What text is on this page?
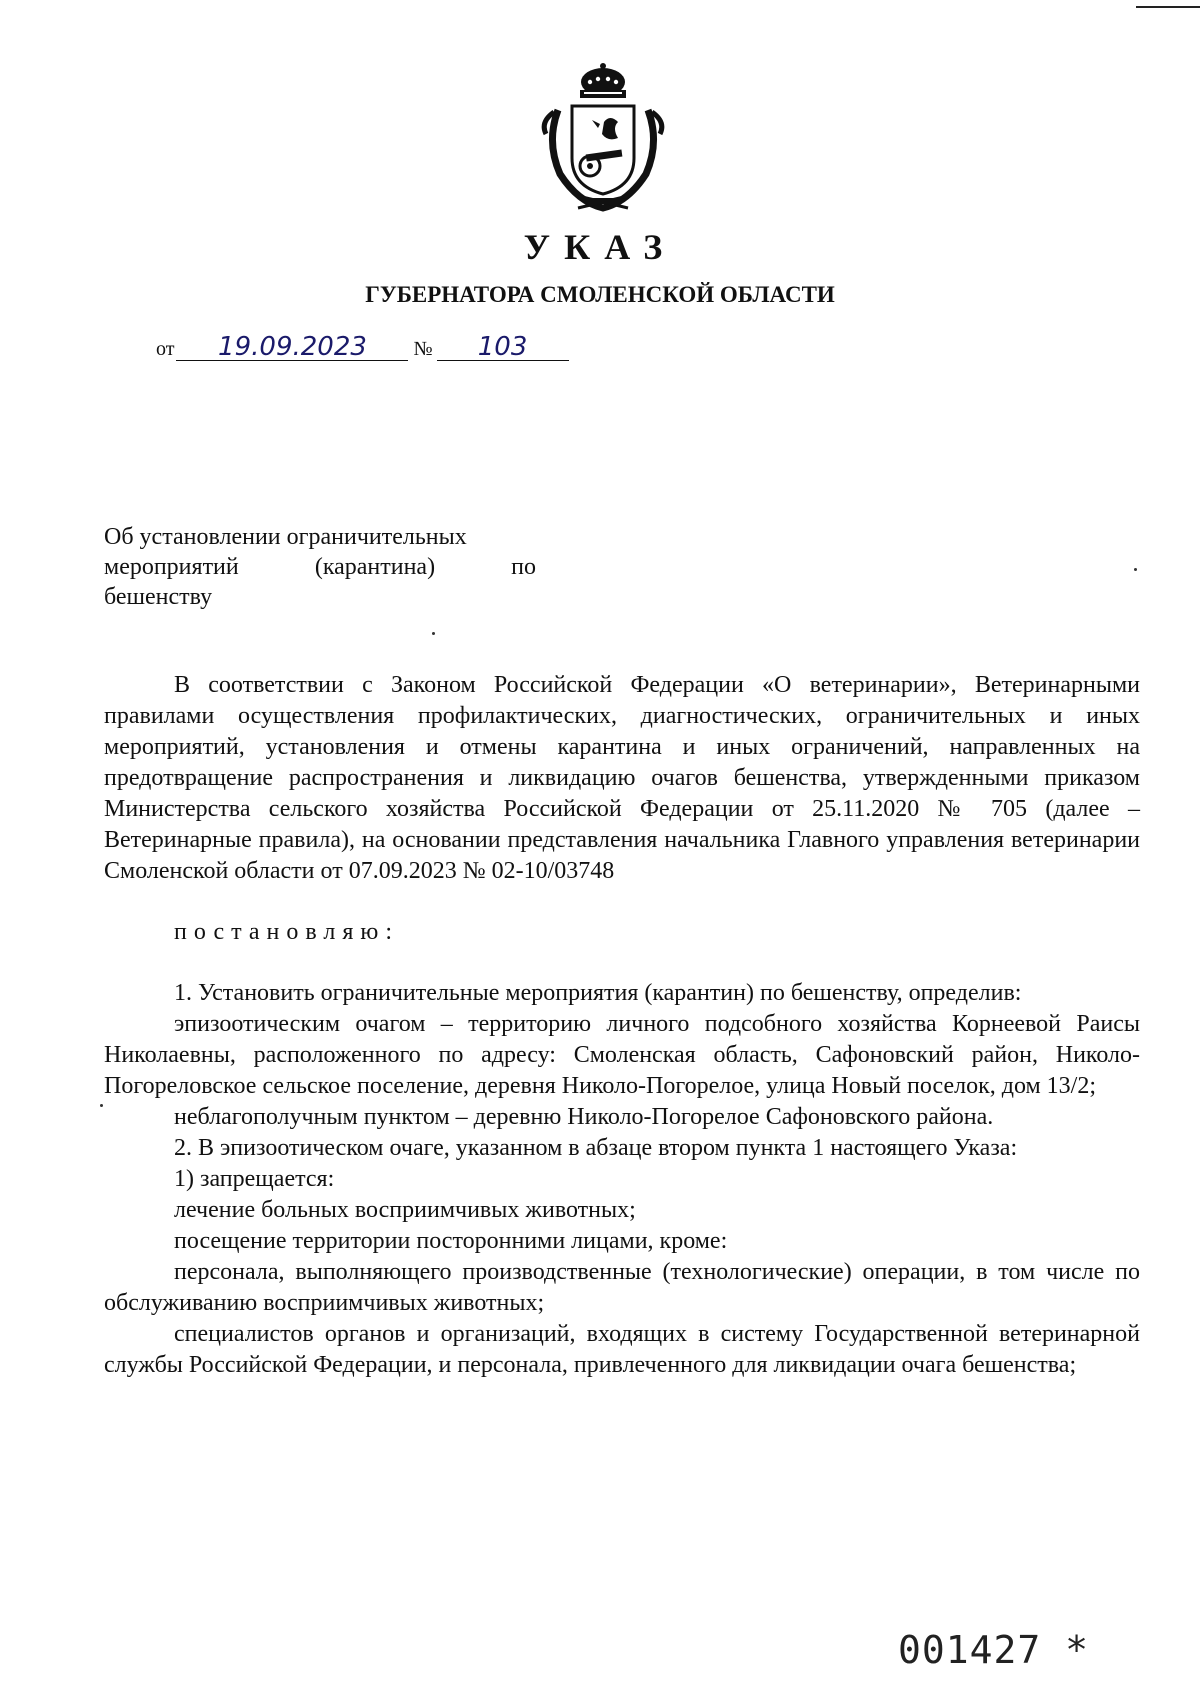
УКАЗ
ГУБЕРНАТОРА СМОЛЕНСКОЙ ОБЛАСТИ
от 19.09.2023 № 103
Об установлении ограничительных
мероприятий (карантина) по
бешенству

В соответствии с Законом Российской Федерации «О ветеринарии», Ветеринарными правилами осуществления профилактических, диагностических, ограничительных и иных мероприятий, установления и отмены карантина и иных ограничений, направленных на предотвращение распространения и ликвидацию очагов бешенства, утвержденными приказом Министерства сельского хозяйства Российской Федерации от 25.11.2020 № 705 (далее – Ветеринарные правила), на основании представления начальника Главного управления ветеринарии Смоленской области от 07.09.2023 № 02-10/03748

постановляю:

1. Установить ограничительные мероприятия (карантин) по бешенству, определив:

эпизоотическим очагом – территорию личного подсобного хозяйства Корнеевой Раисы Николаевны, расположенного по адресу: Смоленская область, Сафоновский район, Николо-Погореловское сельское поселение, деревня Николо-Погорелое, улица Новый поселок, дом 13/2;

неблагополучным пунктом – деревню Николо-Погорелое Сафоновского района.

2. В эпизоотическом очаге, указанном в абзаце втором пункта 1 настоящего Указа:

1) запрещается:

лечение больных восприимчивых животных;

посещение территории посторонними лицами, кроме:

персонала, выполняющего производственные (технологические) операции, в том числе по обслуживанию восприимчивых животных;

специалистов органов и организаций, входящих в систему Государственной ветеринарной службы Российской Федерации, и персонала, привлеченного для ликвидации очага бешенства;

001427 *
